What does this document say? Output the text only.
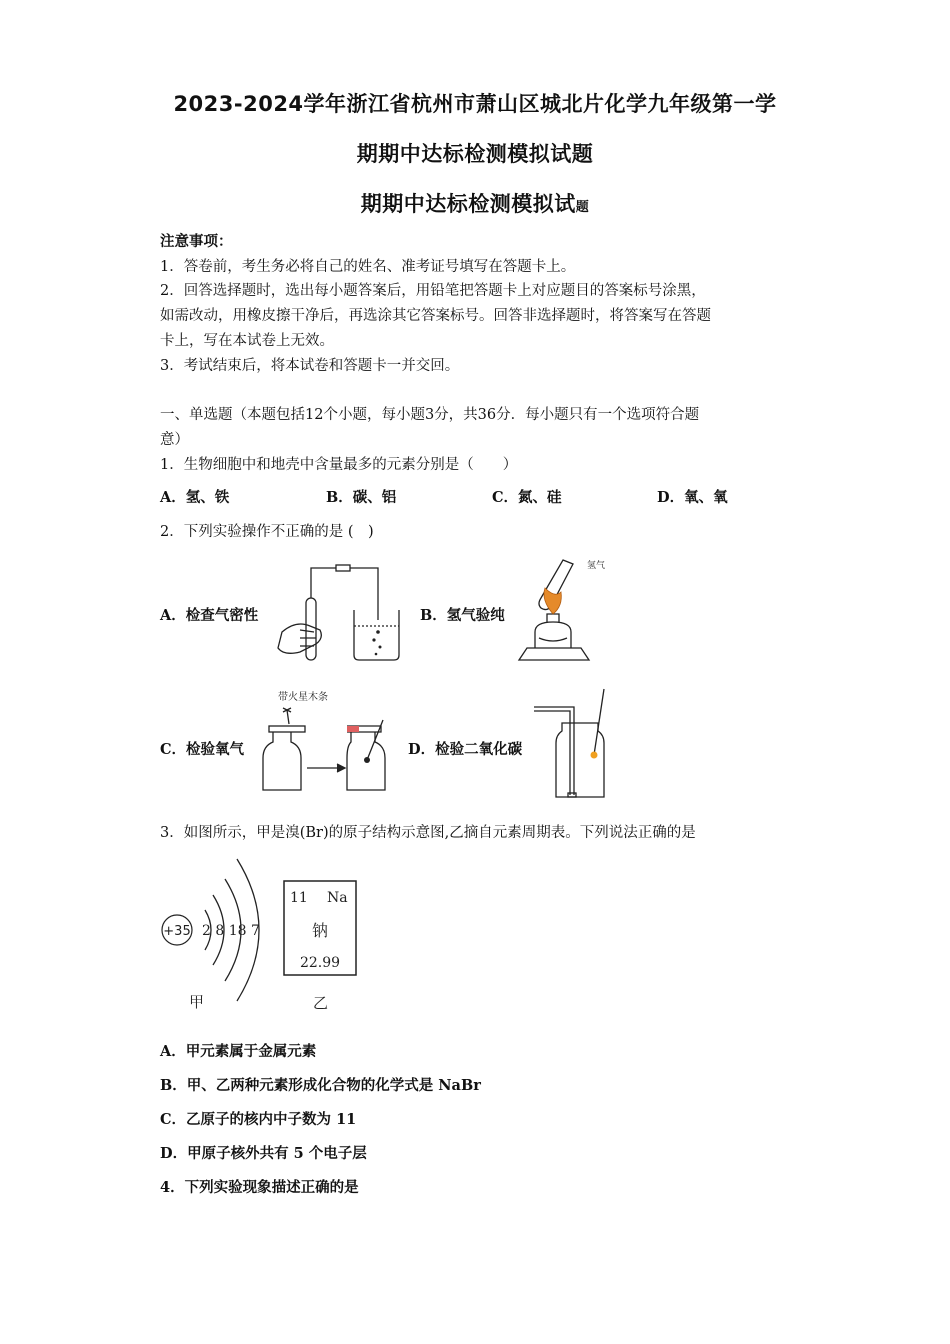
2023-2024学年浙江省杭州市萧山区城北片化学九年级第一学
期期中达标检测模拟试题
期期中达标检测模拟试题
注意事项：
1．答卷前，考生务必将自己的姓名、准考证号填写在答题卡上。
2．回答选择题时，选出每小题答案后，用铅笔把答题卡上对应题目的答案标号涂黑，
如需改动，用橡皮擦干净后，再选涂其它答案标号。回答非选择题时，将答案写在答题
卡上，写在本试卷上无效。
3．考试结束后，将本试卷和答题卡一并交回。
一、单选题（本题包括12个小题，每小题3分，共36分．每小题只有一个选项符合题
意）
1．生物细胞中和地壳中含量最多的元素分别是（　　）
A．氢、铁	B．碳、铝	C．氮、硅	D．氧、氧
2．下列实验操作不正确的是 (　)
A．检查气密性	B．氢气验纯
C．检验氧气	D．检验二氧化碳
氢气
带火星木条
3．如图所示，甲是溴(Br)的原子结构示意图,乙摘自元素周期表。下列说法正确的是
+35 2 8 18 7
甲
11 Na
钠
22.99
乙
A．甲元素属于金属元素
B．甲、乙两种元素形成化合物的化学式是 NaBr
C．乙原子的核内中子数为 11
D．甲原子核外共有 5 个电子层
4．下列实验现象描述正确的是
